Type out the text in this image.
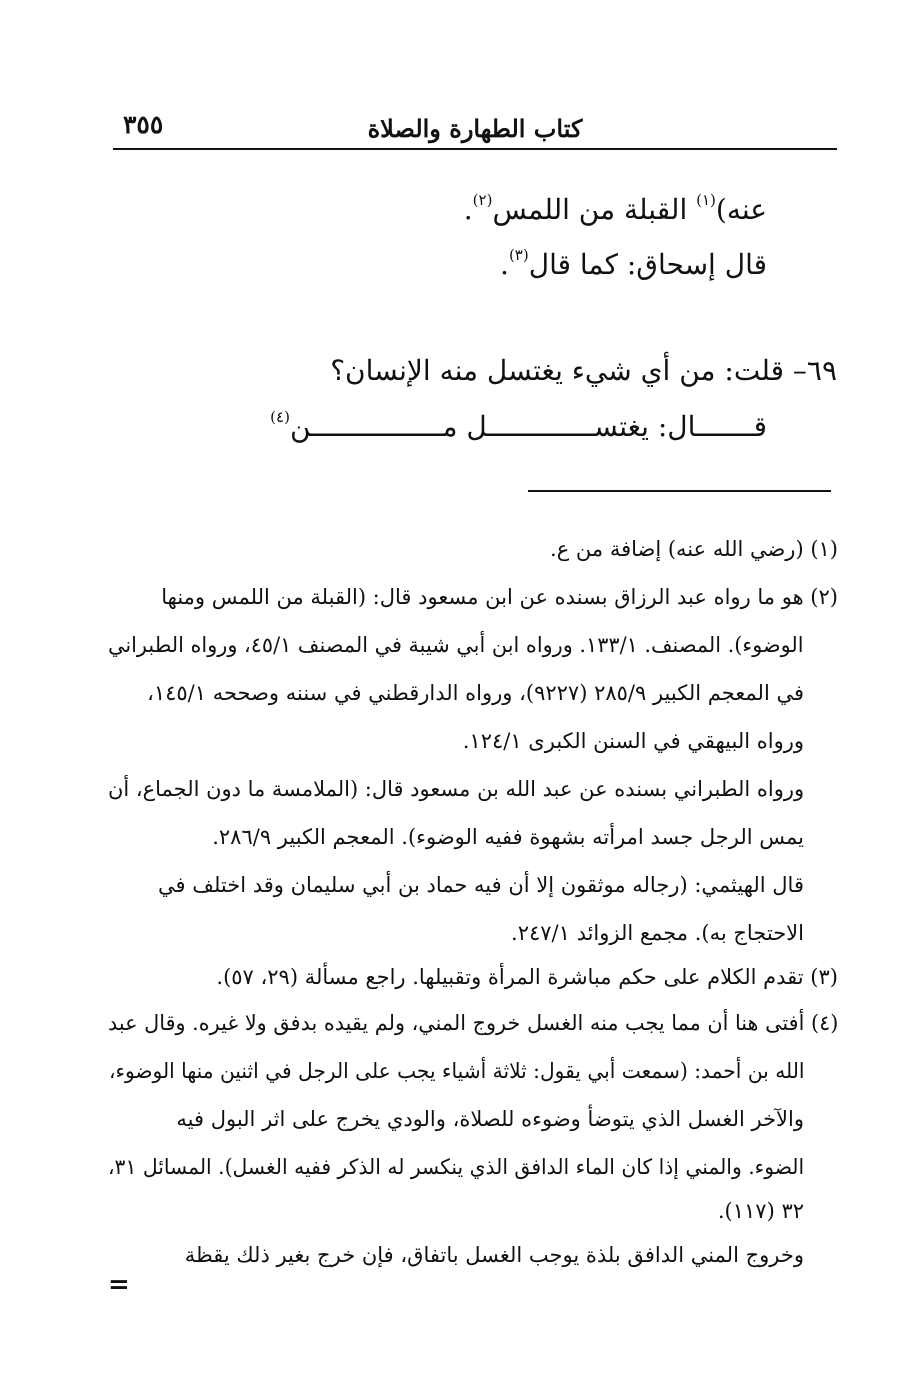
كتاب الطهارة والصلاة
٣٥٥
عنه)$^{(١)}$ القبلة من اللمس$^{(٢)}$.
قال إسحاق: كما قال$^{(٣)}$.
٦٩– قلت: من أي شيء يغتسل منه الإنسان؟
قـــــــال: يغتســـــــــــــل مــــــــــــــــن$^{(٤)}$
(١) (رضي الله عنه) إضافة من ع.
(٢) هو ما رواه عبد الرزاق بسنده عن ابن مسعود قال: (القبلة من اللمس ومنها
الوضوء). المصنف. ١٣٣/١. ورواه ابن أبي شيبة في المصنف ٤٥/١، ورواه الطبراني
في المعجم الكبير ٢٨٥/٩ (٩٢٢٧)، ورواه الدارقطني في سننه وصححه ١٤٥/١،
ورواه البيهقي في السنن الكبرى ١٢٤/١.
ورواه الطبراني بسنده عن عبد الله بن مسعود قال: (الملامسة ما دون الجماع، أن
يمس الرجل جسد امرأته بشهوة ففيه الوضوء). المعجم الكبير ٢٨٦/٩.
قال الهيثمي: (رجاله موثقون إلا أن فيه حماد بن أبي سليمان وقد اختلف في
الاحتجاج به). مجمع الزوائد ٢٤٧/١.
(٣) تقدم الكلام على حكم مباشرة المرأة وتقبيلها. راجع مسألة (٢٩، ٥٧).
(٤) أفتى هنا أن مما يجب منه الغسل خروج المني، ولم يقيده بدفق ولا غيره. وقال عبد
الله بن أحمد: (سمعت أبي يقول: ثلاثة أشياء يجب على الرجل في اثنين منها الوضوء،
والآخر الغسل الذي يتوضأ وضوءه للصلاة، والودي يخرج على اثر البول فيه
الضوء. والمني إذا كان الماء الدافق الذي ينكسر له الذكر ففيه الغسل). المسائل ٣١،
٣٢ (١١٧).
وخروج المني الدافق بلذة يوجب الغسل باتفاق، فإن خرج بغير ذلك يقظة
=
